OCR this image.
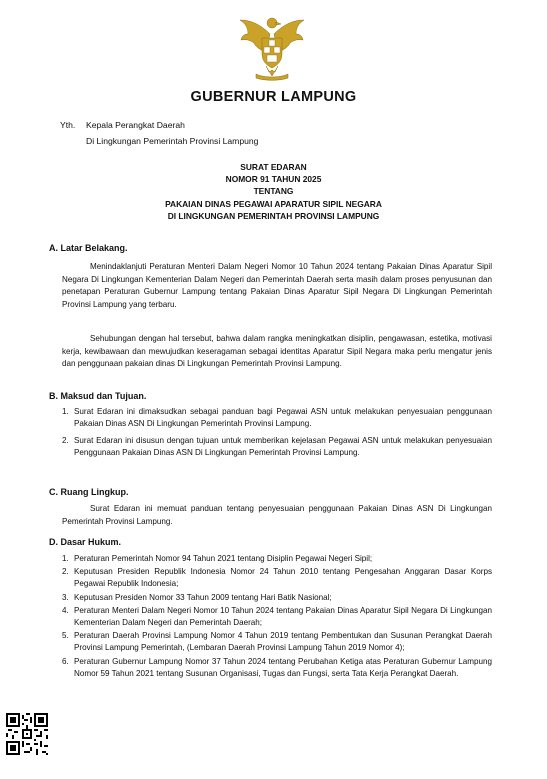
GUBERNUR LAMPUNG
Yth. Kepala Perangkat Daerah
Di Lingkungan Pemerintah Provinsi Lampung
SURAT EDARAN
NOMOR 91 TAHUN 2025
TENTANG
PAKAIAN DINAS PEGAWAI APARATUR SIPIL NEGARA
DI LINGKUNGAN PEMERINTAH PROVINSI LAMPUNG
A. Latar Belakang.
Menindaklanjuti Peraturan Menteri Dalam Negeri Nomor 10 Tahun 2024 tentang Pakaian Dinas Aparatur Sipil Negara Di Lingkungan Kementerian Dalam Negeri dan Pemerintah Daerah serta masih dalam proses penyusunan dan penetapan Peraturan Gubernur Lampung tentang Pakaian Dinas Aparatur Sipil Negara Di Lingkungan Pemerintah Provinsi Lampung yang terbaru.
Sehubungan dengan hal tersebut, bahwa dalam rangka meningkatkan disiplin, pengawasan, estetika, motivasi kerja, kewibawaan dan mewujudkan keseragaman sebagai identitas Aparatur Sipil Negara maka perlu mengatur jenis dan penggunaan pakaian dinas Di Lingkungan Pemerintah Provinsi Lampung.
B. Maksud dan Tujuan.
1. Surat Edaran ini dimaksudkan sebagai panduan bagi Pegawai ASN untuk melakukan penyesuaian penggunaan Pakaian Dinas ASN Di Lingkungan Pemerintah Provinsi Lampung.
2. Surat Edaran ini disusun dengan tujuan untuk memberikan kejelasan Pegawai ASN untuk melakukan penyesuaian Penggunaan Pakaian Dinas ASN Di Lingkungan Pemerintah Provinsi Lampung.
C. Ruang Lingkup.
Surat Edaran ini memuat panduan tentang penyesuaian penggunaan Pakaian Dinas ASN Di Lingkungan Pemerintah Provinsi Lampung.
D. Dasar Hukum.
1. Peraturan Pemerintah Nomor 94 Tahun 2021 tentang Disiplin Pegawai Negeri Sipil;
2. Keputusan Presiden Republik Indonesia Nomor 24 Tahun 2010 tentang Pengesahan Anggaran Dasar Korps Pegawai Republik Indonesia;
3. Keputusan Presiden Nomor 33 Tahun 2009 tentang Hari Batik Nasional;
4. Peraturan Menteri Dalam Negeri Nomor 10 Tahun 2024 tentang Pakaian Dinas Aparatur Sipil Negara Di Lingkungan Kementerian Dalam Negeri dan Pemerintah Daerah;
5. Peraturan Daerah Provinsi Lampung Nomor 4 Tahun 2019 tentang Pembentukan dan Susunan Perangkat Daerah Provinsi Lampung Pemerintah, (Lembaran Daerah Provinsi Lampung Tahun 2019 Nomor 4);
6. Peraturan Gubernur Lampung Nomor 37 Tahun 2024 tentang Perubahan Ketiga atas Peraturan Gubernur Lampung Nomor 59 Tahun 2021 tentang Susunan Organisasi, Tugas dan Fungsi, serta Tata Kerja Perangkat Daerah.
